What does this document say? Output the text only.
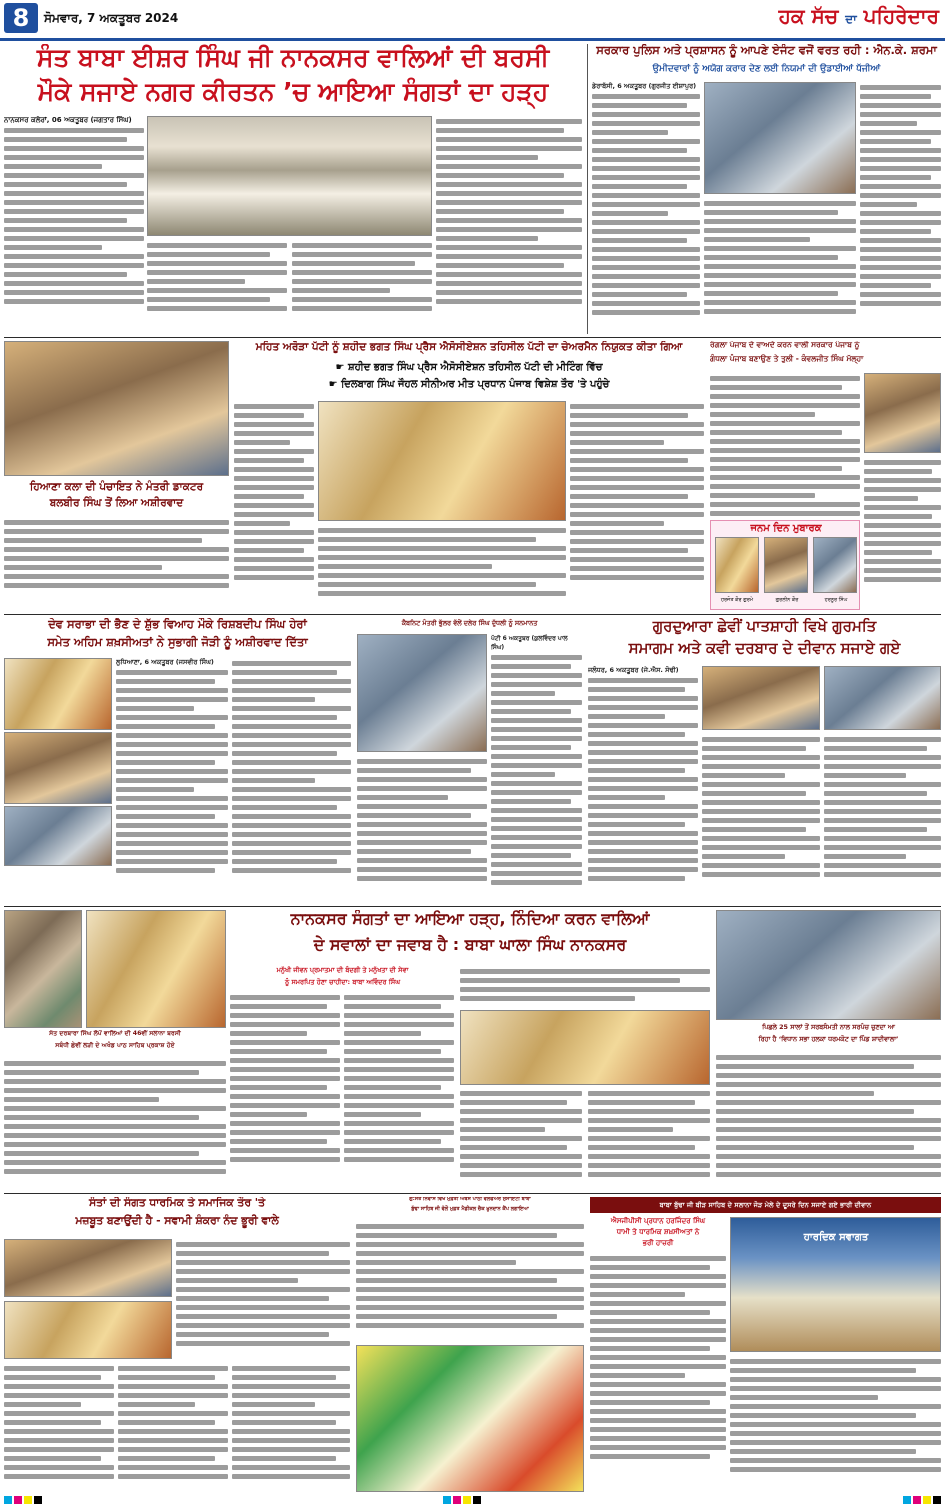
8	ਸੋਮਵਾਰ, 7 ਅਕਤੂਬਰ 2024	ਹਕ ਸੱਚ ਦਾ ਪਹਿਰੇਦਾਰ
ਸੰਤ ਬਾਬਾ ਈਸ਼ਰ ਸਿੰਘ ਜੀ ਨਾਨਕਸਰ ਵਾਲਿਆਂ ਦੀ ਬਰਸੀ
ਮੌਕੇ ਸਜਾਏ ਨਗਰ ਕੀਰਤਨ ’ਚ ਆਇਆ ਸੰਗਤਾਂ ਦਾ ਹੜ੍ਹ
ਨਾਨਕਸਰ ਕਲੇਰਾਂ, 06 ਅਕਤੂਬਰ (ਜਗਤਾਰ ਸਿੰਘ)
ਸਰਕਾਰ ਪੁਲਿਸ ਅਤੇ ਪ੍ਰਸ਼ਾਸਨ ਨੂੰ ਆਪਣੇ ਏਜੰਟ ਵਜੋਂ ਵਰਤ ਰਹੀ : ਐਨ.ਕੇ. ਸ਼ਰਮਾ
ਉਮੀਦਵਾਰਾਂ ਨੂੰ ਅਯੋਗ ਕਰਾਰ ਦੇਣ ਲਈ ਨਿਯਮਾਂ ਦੀ ਉਡਾਈਆਂ ਧੱਜੀਆਂ
ਡੇਰਾਬੱਸੀ, 6 ਅਕਤੂਬਰ (ਗੁਰਜੀਤ ਈਸ਼ਾਪੁਰ)
ਹਿਆਣਾ ਕਲਾ ਦੀ ਪੰਚਾਇਤ ਨੇ ਮੰਤਰੀ ਡਾਕਟਰ
ਬਲਬੀਰ ਸਿੰਘ ਤੋਂ ਲਿਆ ਅਸ਼ੀਰਵਾਦ
ਮਹਿਤ ਅਰੋੜਾ ਪੱਟੀ ਨੂੰ ਸ਼ਹੀਦ ਭਗਤ ਸਿੰਘ ਪ੍ਰੈਸ ਐਸੋਸੀਏਸ਼ਨ ਤਹਿਸੀਲ ਪੱਟੀ ਦਾ ਚੇਅਰਮੈਨ ਨਿਯੁਕਤ ਕੀਤਾ ਗਿਆ
☛ ਸ਼ਹੀਦ ਭਗਤ ਸਿੰਘ ਪ੍ਰੈਸ ਐਸੋਸੀਏਸ਼ਨ ਤਹਿਸੀਲ ਪੱਟੀ ਦੀ ਮੀਟਿੰਗ ਵਿੱਚ
☛ ਦਿਲਬਾਗ ਸਿੰਘ ਜੌਹਲ ਸੀਨੀਅਰ ਮੀਤ ਪ੍ਰਧਾਨ ਪੰਜਾਬ ਵਿਸ਼ੇਸ਼ ਤੌਰ 'ਤੇ ਪਹੁੰਚੇ
ਰੰਗਲਾ ਪੰਜਾਬ ਦੇ ਵਾਅਦੇ ਕਰਨ ਵਾਲੀ ਸਰਕਾਰ ਪੰਜਾਬ ਨੂੰ
ਗੰਧਲਾ ਪੰਜਾਬ ਬਣਾਉਣ ਤੇ ਤੁਲੀ - ਕੰਵਲਜੀਤ ਸਿੰਘ ਮੱਲ੍ਹਾ
ਜਨਮ ਦਿਨ ਮੁਬਾਰਕ
ਹਰਜੋਤ ਕੌਰ ਗੁਰਮੇ	ਗੁਰਲੀਨ ਕੌਰ	ਹਰਨੂਰ ਸਿੰਘ
ਦੇਵ ਸਰਾਭਾ ਦੀ ਭੈਣ ਦੇ ਸ਼ੁੱਭ ਵਿਆਹ ਮੌਕੇ ਰਿਸ਼ਬਦੀਪ ਸਿੰਘ ਹੇਰਾਂ
ਸਮੇਤ ਅਹਿਮ ਸ਼ਖ਼ਸੀਅਤਾਂ ਨੇ ਸੁਭਾਗੀ ਜੋੜੀ ਨੂੰ ਅਸ਼ੀਰਵਾਦ ਦਿੱਤਾ
ਲੁਧਿਆਣਾ, 6 ਅਕਤੂਬਰ (ਜਸਵੀਰ ਸਿੰਘ)
ਕੈਬਨਿਟ ਮੰਤਰੀ ਭੁੱਲਰ ਵੱਲੋਂ ਦਲੇਰ ਸਿੰਘ ਦੁੱਧਲੀ ਨੂੰ ਸਨਮਾਨਤ
ਪੱਟੀ 6 ਅਕਤੂਬਰ (ਕੁਲਵਿੰਦਰ ਪਾਲ ਸਿੰਘ)
ਗੁਰਦੁਆਰਾ ਛੇਵੀਂ ਪਾਤਸ਼ਾਹੀ ਵਿਖੇ ਗੁਰਮਤਿ
ਸਮਾਗਮ ਅਤੇ ਕਵੀ ਦਰਬਾਰ ਦੇ ਦੀਵਾਨ ਸਜਾਏ ਗਏ
ਜਲੰਧਰ, 6 ਅਕਤੂਬਰ (ਜੇ.ਐਸ. ਸੋਢੀ)
ਨਾਨਕਸਰ ਸੰਗਤਾਂ ਦਾ ਆਇਆ ਹੜ੍ਹ, ਨਿੰਦਿਆ ਕਰਨ ਵਾਲਿਆਂ
ਦੇ ਸਵਾਲਾਂ ਦਾ ਜਵਾਬ ਹੈ : ਬਾਬਾ ਘਾਲਾ ਸਿੰਘ ਨਾਨਕਸਰ
ਮਨੁੱਖੀ ਜੀਵਨ ਪ੍ਰਮਾਤਮਾ ਦੀ ਬੰਦਗੀ ਤੇ ਮਨੁੱਖਤਾ ਦੀ ਸੇਵਾ
ਨੂੰ ਸਮਰਪਿਤ ਹੋਣਾ ਚਾਹੀਦਾ: ਬਾਬਾ ਅਵਿੰਦਰ ਸਿੰਘ
ਸੰਤ ਦਰਬਾਰਾ ਸਿੰਘ ਲੋਪੋਂ ਵਾਲਿਆਂ ਦੀ 46ਵੀਂ ਸਲਾਨਾ ਬਰਸੀ
ਸਬੰਧੀ ਛੇਵੀਂ ਲੜੀ ਦੇ ਅਖੰਡ ਪਾਠ ਸਾਹਿਬ ਪ੍ਰਕਾਸ਼ ਹੋਏ
ਪਿਛਲੇ 25 ਸਾਲਾਂ ਤੋਂ ਸਰਬਸੰਮਤੀ ਨਾਲ ਸਰਪੰਚ ਚੁਣਦਾ ਆ
ਰਿਹਾ ਹੈ ‘ਵਿਧਾਨ ਸਭਾ ਹਲਕਾ ਧਰਮਕੋਟ ਦਾ ਪਿੰਡ ਸ਼ਾਦੀਵਾਲਾ’
ਸੰਤਾਂ ਦੀ ਸੰਗਤ ਧਾਰਮਿਕ ਤੇ ਸਮਾਜਿਕ ਤੌਰ 'ਤੇ
ਮਜ਼ਬੂਤ ਬਣਾਉਂਦੀ ਹੈ - ਸਵਾਮੀ ਸ਼ੰਕਰਾ ਨੰਦ ਭੂਰੀ ਵਾਲੇ
ਗੁ:ਸੰਤ ਨਿਵਾਸ ਵਿਖੇ ਮੁਫ਼ਤੀ ਅਥਸ ਪਾਠੀ ਵੈਲਫੇਅਰ ਸੁਸਾਇਟੀ ਬਾਬਾ
ਬੁੱਢਾ ਸਾਹਿਬ ਜੀ ਵੱਲੋਂ ਮੁਫ਼ਤ ਮੈਡੀਕਲ ਚੈਕ ਖ਼ੂਨਦਾਨ ਕੈਂਪ ਲਗਾਇਆ	ਬਾਬਾ ਬੁੱਢਾ ਜੀ ਬੀੜ ਸਾਹਿਬ ਦੇ ਸਲਾਨਾ ਜੋੜ ਮੇਲੇ ਦੇ ਦੂਸਰੇ ਦਿਨ ਸਜਾਏ ਗਏ ਭਾਰੀ ਦੀਵਾਨ
ਐਸਜੀਪੀਸੀ ਪ੍ਰਧਾਨ ਹਰਜਿੰਦਰ ਸਿੰਘ
ਧਾਮੀ ਤੇ ਧਾਰਮਿਕ ਸ਼ਖ਼ਸੀਅਤਾਂ ਨੇ
ਭਰੀ ਹਾਜ਼ਰੀ	ਹਾਰਦਿਕ ਸਵਾਗਤ
